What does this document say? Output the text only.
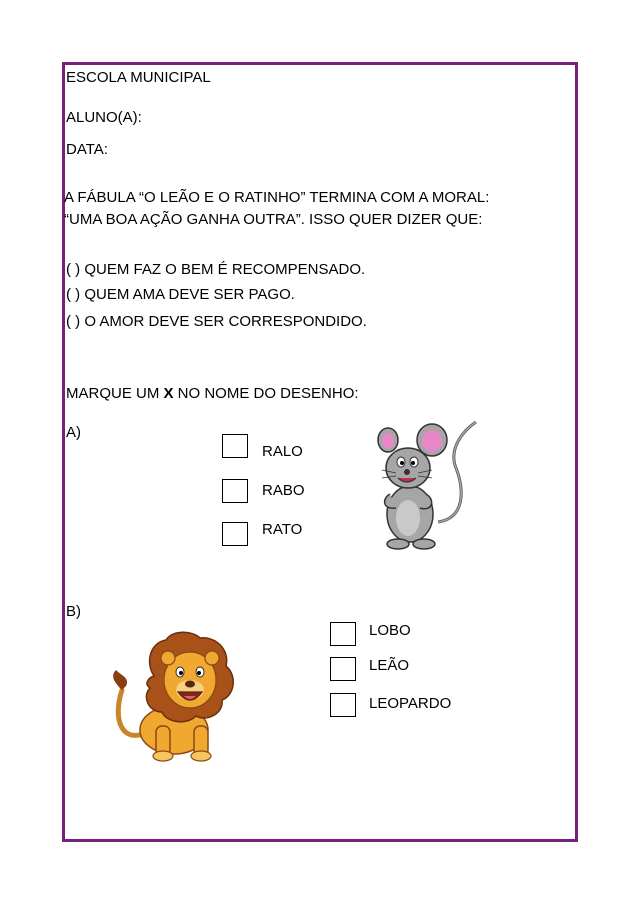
ESCOLA MUNICIPAL
ALUNO(A):
DATA:
A FÁBULA “O LEÃO E O RATINHO” TERMINA COM A MORAL:
“UMA BOA AÇÃO GANHA OUTRA”. ISSO QUER DIZER QUE:
( ) QUEM FAZ O BEM É RECOMPENSADO.
( ) QUEM AMA DEVE SER PAGO.
( ) O AMOR DEVE SER CORRESPONDIDO.
MARQUE UM X NO NOME DO DESENHO:
A)
RALO
RABO
RATO
B)
LOBO
LEÃO
LEOPARDO
